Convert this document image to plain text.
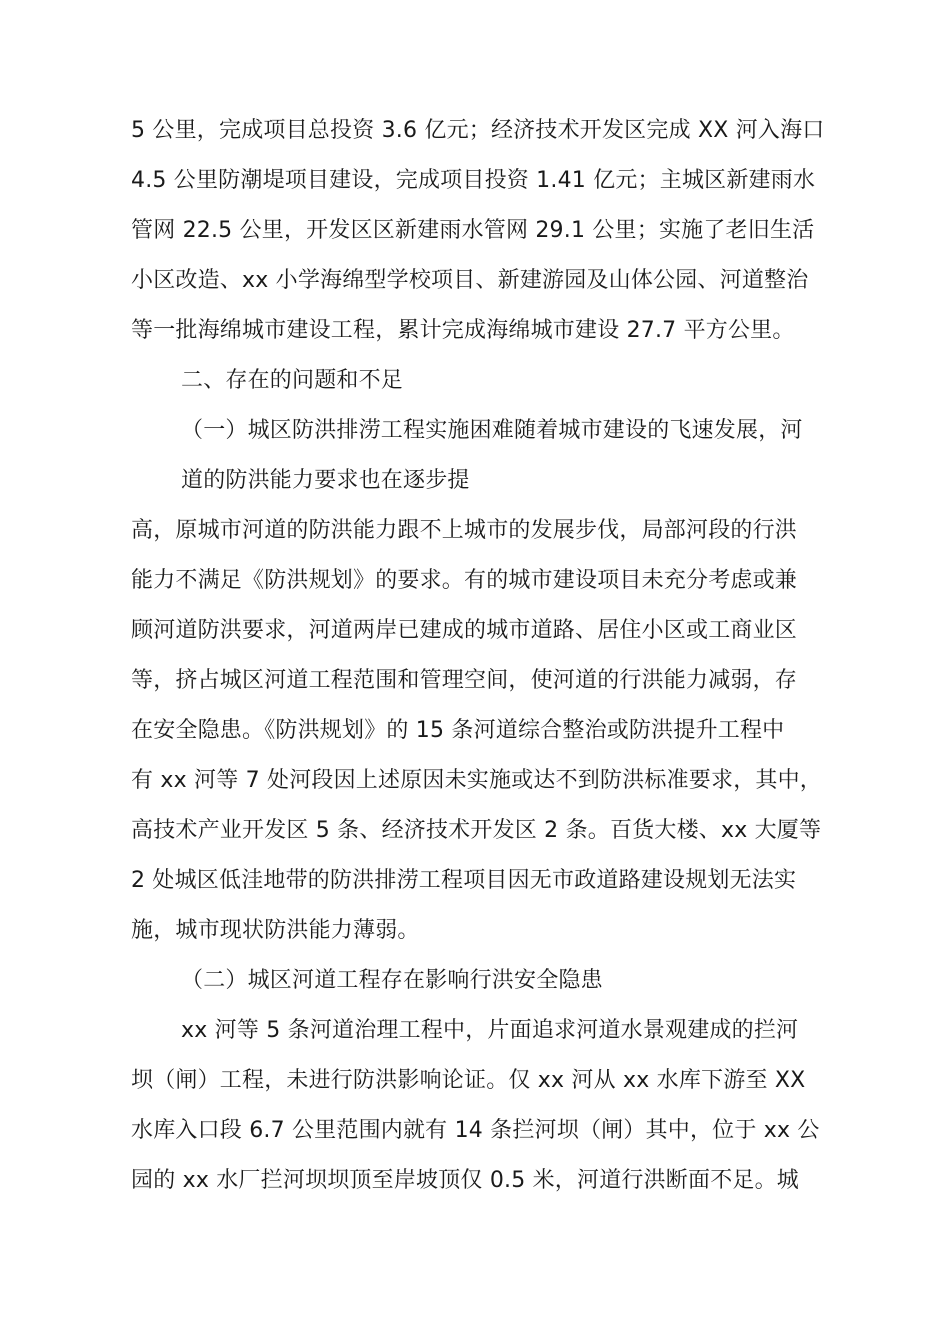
5 公里，完成项目总投资 3.6 亿元；经济技术开发区完成 XX 河入海口
4.5 公里防潮堤项目建设，完成项目投资 1.41 亿元；主城区新建雨水
管网 22.5 公里，开发区区新建雨水管网 29.1 公里；实施了老旧生活
小区改造、xx 小学海绵型学校项目、新建游园及山体公园、河道整治
等一批海绵城市建设工程，累计完成海绵城市建设 27.7 平方公里。
二、存在的问题和不足
（一）城区防洪排涝工程实施困难随着城市建设的飞速发展，河
道的防洪能力要求也在逐步提
高，原城市河道的防洪能力跟不上城市的发展步伐，局部河段的行洪
能力不满足《防洪规划》的要求。有的城市建设项目未充分考虑或兼
顾河道防洪要求，河道两岸已建成的城市道路、居住小区或工商业区
等，挤占城区河道工程范围和管理空间，使河道的行洪能力减弱，存
在安全隐患。《防洪规划》的 15 条河道综合整治或防洪提升工程中
有 xx 河等 7 处河段因上述原因未实施或达不到防洪标准要求，其中，
高技术产业开发区 5 条、经济技术开发区 2 条。百货大楼、xx 大厦等
2 处城区低洼地带的防洪排涝工程项目因无市政道路建设规划无法实
施，城市现状防洪能力薄弱。
（二）城区河道工程存在影响行洪安全隐患
xx 河等 5 条河道治理工程中，片面追求河道水景观建成的拦河
坝（闸）工程，未进行防洪影响论证。仅 xx 河从 xx 水库下游至 XX
水库入口段 6.7 公里范围内就有 14 条拦河坝（闸）其中，位于 xx 公
园的 xx 水厂拦河坝坝顶至岸坡顶仅 0.5 米，河道行洪断面不足。城
